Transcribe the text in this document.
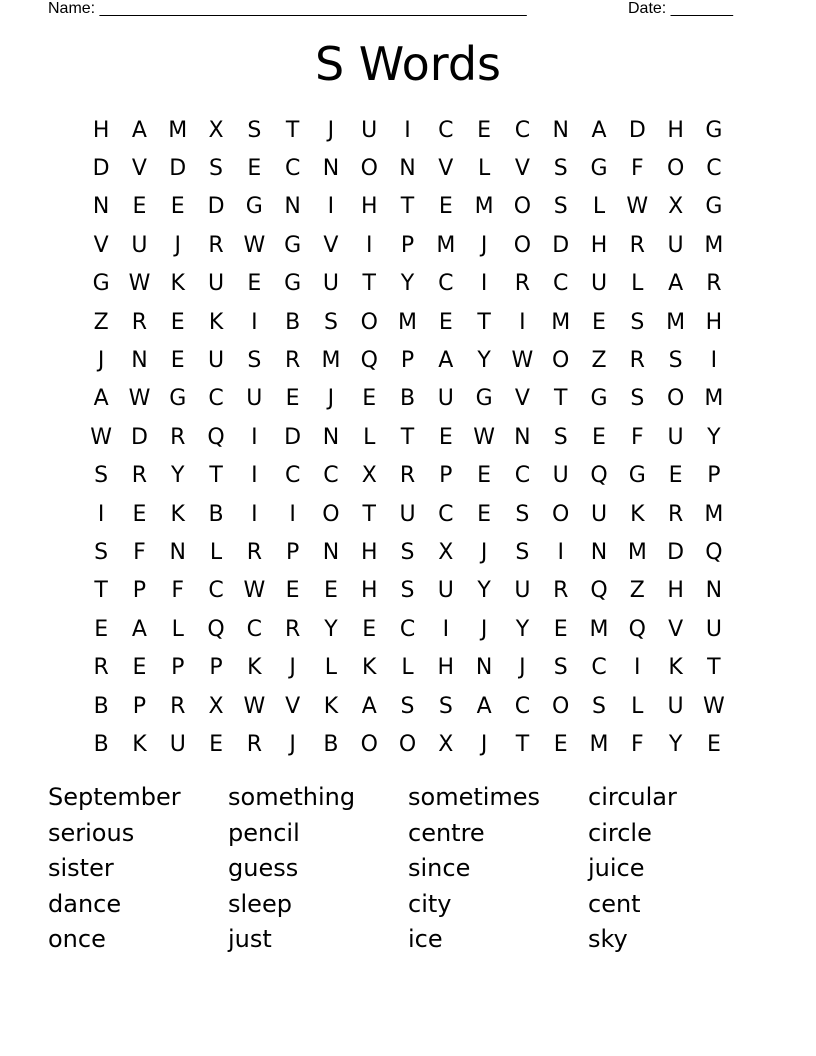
Name: ________________________________________________	Date: _______
S Words
H	A M X	S	T	J	U	I	C	E	C	N	A	D H G
D	V	D	S	E	C	N O N	V	L	V	S	G	F	O C
N	E	E	D G N	I	H	T	E M O	S	L W X	G
V	U	J	R W G	V	I	P	M	J	O D H	R	U M
G W K	U	E	G U	T	Y	C	I	R	C	U	L	A	R
Z	R	E	K	I	B	S	O M E	T	I	M E	S M H
J	N	E	U	S	R M Q	P	A	Y W O	Z	R	S	I
A W G	C	U	E	J	E	B	U G	V	T	G	S	O M
W D	R Q	I	D N	L	T	E W N	S	E	F	U	Y
S	R	Y	T	I	C	C	X	R	P	E	C	U Q G	E	P
I	E	K	B	I	I	O	T	U	C	E	S	O U	K	R M
S	F	N	L	R	P	N H	S	X	J	S	I	N M D Q
T	P	F	C W E	E	H	S	U	Y	U	R Q	Z	H N
E	A	L	Q C	R	Y	E	C	I	J	Y	E M Q	V	U
R	E	P	P	K	J	L	K	L	H N	J	S	C	I	K	T
B	P	R	X W V	K	A	S	S	A	C O	S	L	U W
B	K	U	E	R	J	B	O O	X	J	T	E M	F	Y	E
September	something	sometimes	circular
serious	pencil	centre	circle
sister	guess	since	juice
dance	sleep	city	cent
once	just	ice	sky
